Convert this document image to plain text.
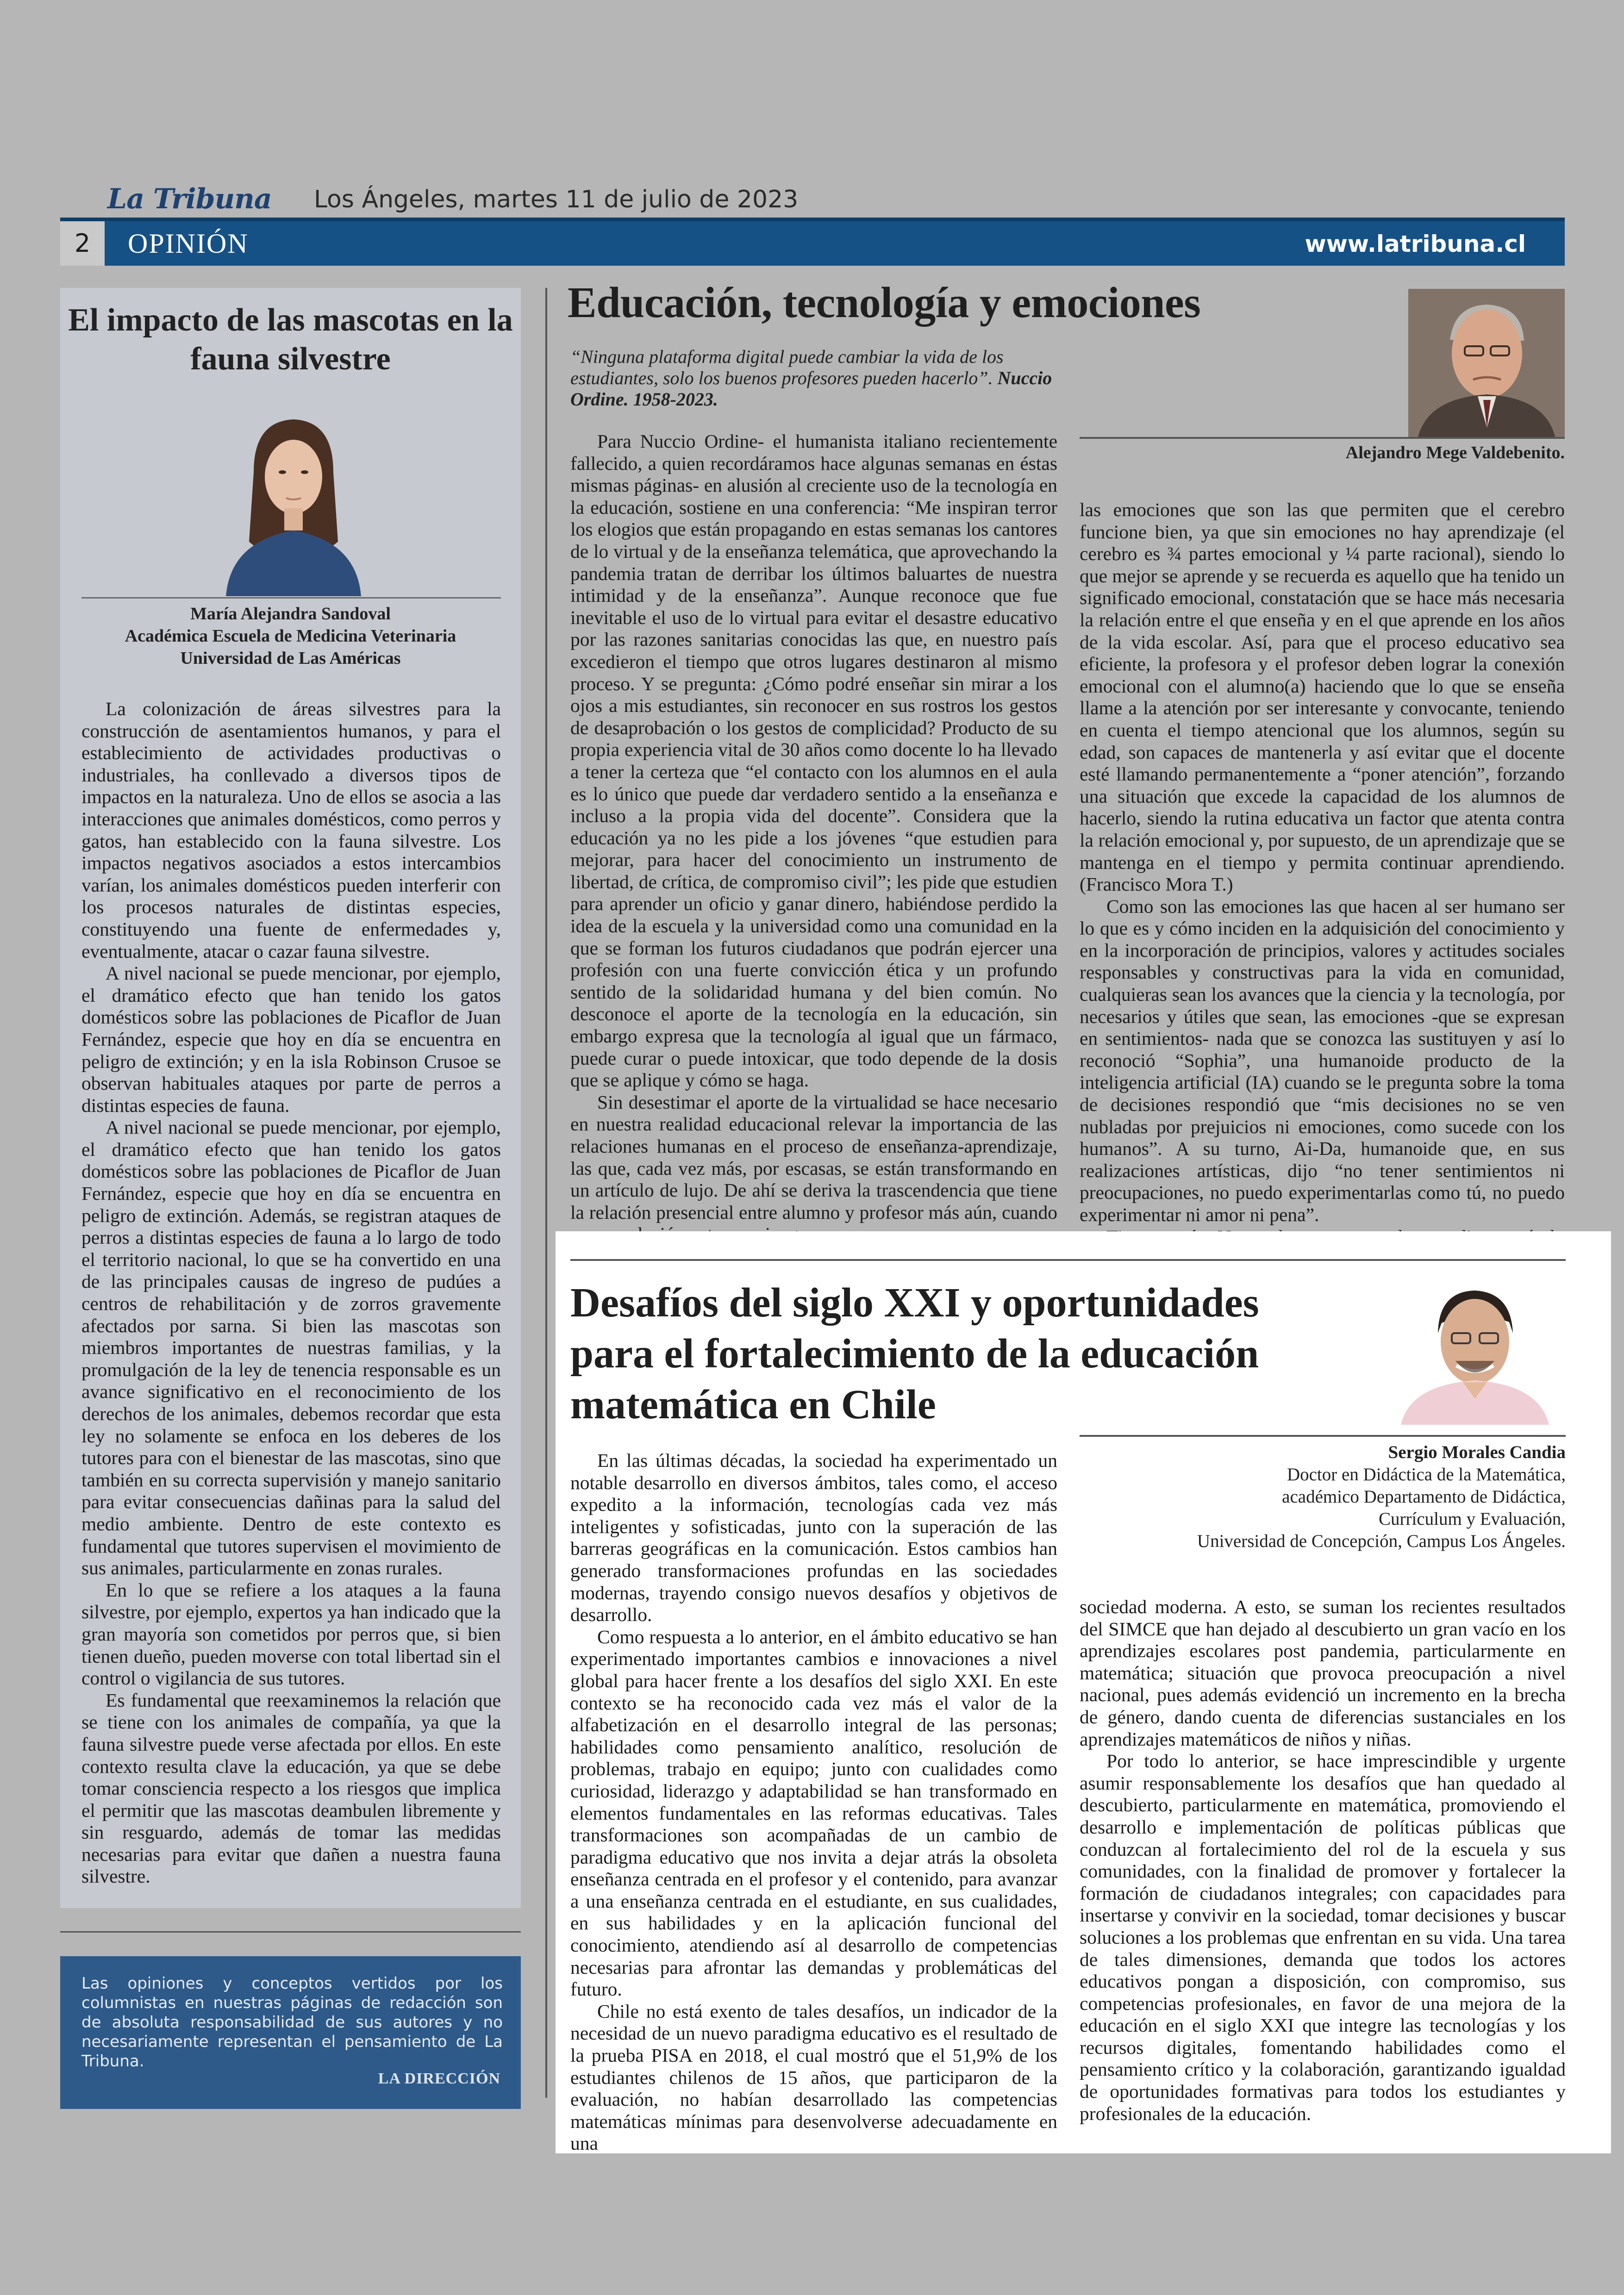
La Tribuna Los Ángeles, martes 11 de julio de 2023
2	OPINIÓN	www.latribuna.cl
El impacto de las mascotas en la fauna silvestre
María Alejandra Sandoval
Académica Escuela de Medicina Veterinaria
Universidad de Las Américas

La colonización de áreas silvestres para la construcción de asentamientos humanos, y para el establecimiento de actividades productivas o industriales, ha conllevado a diversos tipos de impactos en la naturaleza. Uno de ellos se asocia a las interacciones que animales domésticos, como perros y gatos, han establecido con la fauna silvestre. Los impactos negativos asociados a estos intercambios varían, los animales domésticos pueden interferir con los procesos naturales de distintas especies, constituyendo una fuente de enfermedades y, eventualmente, atacar o cazar fauna silvestre.

A nivel nacional se puede mencionar, por ejemplo, el dramático efecto que han tenido los gatos domésticos sobre las poblaciones de Picaflor de Juan Fernández, especie que hoy en día se encuentra en peligro de extinción; y en la isla Robinson Crusoe se observan habituales ataques por parte de perros a distintas especies de fauna.

A nivel nacional se puede mencionar, por ejemplo, el dramático efecto que han tenido los gatos domésticos sobre las poblaciones de Picaflor de Juan Fernández, especie que hoy en día se encuentra en peligro de extinción. Además, se registran ataques de perros a distintas especies de fauna a lo largo de todo el territorio nacional, lo que se ha convertido en una de las principales causas de ingreso de pudúes a centros de rehabilitación y de zorros gravemente afectados por sarna. Si bien las mascotas son miembros importantes de nuestras familias, y la promulgación de la ley de tenencia responsable es un avance significativo en el reconocimiento de los derechos de los animales, debemos recordar que esta ley no solamente se enfoca en los deberes de los tutores para con el bienestar de las mascotas, sino que también en su correcta supervisión y manejo sanitario para evitar consecuencias dañinas para la salud del medio ambiente. Dentro de este contexto es fundamental que tutores supervisen el movimiento de sus animales, particularmente en zonas rurales.

En lo que se refiere a los ataques a la fauna silvestre, por ejemplo, expertos ya han indicado que la gran mayoría son cometidos por perros que, si bien tienen dueño, pueden moverse con total libertad sin el control o vigilancia de sus tutores.

Es fundamental que reexaminemos la relación que se tiene con los animales de compañía, ya que la fauna silvestre puede verse afectada por ellos. En este contexto resulta clave la educación, ya que se debe tomar consciencia respecto a los riesgos que implica el permitir que las mascotas deambulen libremente y sin resguardo, además de tomar las medidas necesarias para evitar que dañen a nuestra fauna silvestre.

Las opiniones y conceptos vertidos por los columnistas en nuestras páginas de redacción son de absoluta responsabilidad de sus autores y no necesariamente representan el pensamiento de La Tribuna.
LA DIRECCIÓN
Educación, tecnología y emociones
“Ninguna plataforma digital puede cambiar la vida de los estudiantes, solo los buenos profesores pueden hacerlo”. Nuccio Ordine. 1958-2023.
Alejandro Mege Valdebenito.

Para Nuccio Ordine- el humanista italiano recientemente fallecido, a quien recordáramos hace algunas semanas en éstas mismas páginas- en alusión al creciente uso de la tecnología en la educación, sostiene en una conferencia: “Me inspiran terror los elogios que están propagando en estas semanas los cantores de lo virtual y de la enseñanza telemática, que aprovechando la pandemia tratan de derribar los últimos baluartes de nuestra intimidad y de la enseñanza”. Aunque reconoce que fue inevitable el uso de lo virtual para evitar el desastre educativo por las razones sanitarias conocidas las que, en nuestro país excedieron el tiempo que otros lugares destinaron al mismo proceso. Y se pregunta: ¿Cómo podré enseñar sin mirar a los ojos a mis estudiantes, sin reconocer en sus rostros los gestos de desaprobación o los gestos de complicidad? Producto de su propia experiencia vital de 30 años como docente lo ha llevado a tener la certeza que “el contacto con los alumnos en el aula es lo único que puede dar verdadero sentido a la enseñanza e incluso a la propia vida del docente”. Considera que la educación ya no les pide a los jóvenes “que estudien para mejorar, para hacer del conocimiento un instrumento de libertad, de crítica, de compromiso civil”; les pide que estudien para aprender un oficio y ganar dinero, habiéndose perdido la idea de la escuela y la universidad como una comunidad en la que se forman los futuros ciudadanos que podrán ejercer una profesión con una fuerte convicción ética y un profundo sentido de la solidaridad humana y del bien común. No desconoce el aporte de la tecnología en la educación, sin embargo expresa que la tecnología al igual que un fármaco, puede curar o puede intoxicar, que todo depende de la dosis que se aplique y cómo se haga.

Sin desestimar el aporte de la virtualidad se hace necesario en nuestra realidad educacional relevar la importancia de las relaciones humanas en el proceso de enseñanza-aprendizaje, las que, cada vez más, por escasas, se están transformando en un artículo de lujo. De ahí se deriva la trascendencia que tiene la relación presencial entre alumno y profesor más aún, cuando

las emociones que son las que permiten que el cerebro funcione bien, ya que sin emociones no hay aprendizaje (el cerebro es ¾ partes emocional y ¼ parte racional), siendo lo que mejor se aprende y se recuerda es aquello que ha tenido un significado emocional, constatación que se hace más necesaria la relación entre el que enseña y en el que aprende en los años de la vida escolar. Así, para que el proceso educativo sea eficiente, la profesora y el profesor deben lograr la conexión emocional con el alumno(a) haciendo que lo que se enseña llame a la atención por ser interesante y convocante, teniendo en cuenta el tiempo atencional que los alumnos, según su edad, son capaces de mantenerla y así evitar que el docente esté llamando permanentemente a “poner atención”, forzando una situación que excede la capacidad de los alumnos de hacerlo, siendo la rutina educativa un factor que atenta contra la relación emocional y, por supuesto, de un aprendizaje que se mantenga en el tiempo y permita continuar aprendiendo. (Francisco Mora T.)

Como son las emociones las que hacen al ser humano ser lo que es y cómo inciden en la adquisición del conocimiento y en la incorporación de principios, valores y actitudes sociales responsables y constructivas para la vida en comunidad, cualquieras sean los avances que la ciencia y la tecnología, por necesarios y útiles que sean, las emociones -que se expresan en sentimientos- nada que se conozca las sustituyen y así lo reconoció “Sophia”, una humanoide producto de la inteligencia artificial (IA) cuando se le pregunta sobre la toma de decisiones respondió que “mis decisiones no se ven nubladas por prejuicios ni emociones, como sucede con los humanos”. A su turno, Ai-Da, humanoide que, en sus realizaciones artísticas, dijo “no tener sentimientos ni preocupaciones, no puedo experimentarlas como tú, no puedo experimentar ni amor ni pena”.

Desafíos del siglo XXI y oportunidades para el fortalecimiento de la educación matemática en Chile
Sergio Morales Candia
Doctor en Didáctica de la Matemática,
académico Departamento de Didáctica,
Currículum y Evaluación,
Universidad de Concepción, Campus Los Ángeles.

En las últimas décadas, la sociedad ha experimentado un notable desarrollo en diversos ámbitos, tales como, el acceso expedito a la información, tecnologías cada vez más inteligentes y sofisticadas, junto con la superación de las barreras geográficas en la comunicación. Estos cambios han generado transformaciones profundas en las sociedades modernas, trayendo consigo nuevos desafíos y objetivos de desarrollo.

Como respuesta a lo anterior, en el ámbito educativo se han experimentado importantes cambios e innovaciones a nivel global para hacer frente a los desafíos del siglo XXI. En este contexto se ha reconocido cada vez más el valor de la alfabetización en el desarrollo integral de las personas; habilidades como pensamiento analítico, resolución de problemas, trabajo en equipo; junto con cualidades como curiosidad, liderazgo y adaptabilidad se han transformado en elementos fundamentales en las reformas educativas. Tales transformaciones son acompañadas de un cambio de paradigma educativo que nos invita a dejar atrás la obsoleta enseñanza centrada en el profesor y el contenido, para avanzar a una enseñanza centrada en el estudiante, en sus cualidades, en sus habilidades y en la aplicación funcional del conocimiento, atendiendo así al desarrollo de competencias necesarias para afrontar las demandas y problemáticas del futuro.

Chile no está exento de tales desafíos, un indicador de la necesidad de un nuevo paradigma educativo es el resultado de la prueba PISA en 2018, el cual mostró que el 51,9% de los estudiantes chilenos de 15 años, que participaron de la evaluación, no habían desarrollado las competencias matemáticas mínimas para desenvolverse adecuadamente en una

sociedad moderna. A esto, se suman los recientes resultados del SIMCE que han dejado al descubierto un gran vacío en los aprendizajes escolares post pandemia, particularmente en matemática; situación que provoca preocupación a nivel nacional, pues además evidenció un incremento en la brecha de género, dando cuenta de diferencias sustanciales en los aprendizajes matemáticos de niños y niñas.

Por todo lo anterior, se hace imprescindible y urgente asumir responsablemente los desafíos que han quedado al descubierto, particularmente en matemática, promoviendo el desarrollo e implementación de políticas públicas que conduzcan al fortalecimiento del rol de la escuela y sus comunidades, con la finalidad de promover y fortalecer la formación de ciudadanos integrales; con capacidades para insertarse y convivir en la sociedad, tomar decisiones y buscar soluciones a los problemas que enfrentan en su vida. Una tarea de tales dimensiones, demanda que todos los actores educativos pongan a disposición, con compromiso, sus competencias profesionales, en favor de una mejora de la educación en el siglo XXI que integre las tecnologías y los recursos digitales, fomentando habilidades como el pensamiento crítico y la colaboración, garantizando igualdad de oportunidades formativas para todos los estudiantes y profesionales de la educación.
